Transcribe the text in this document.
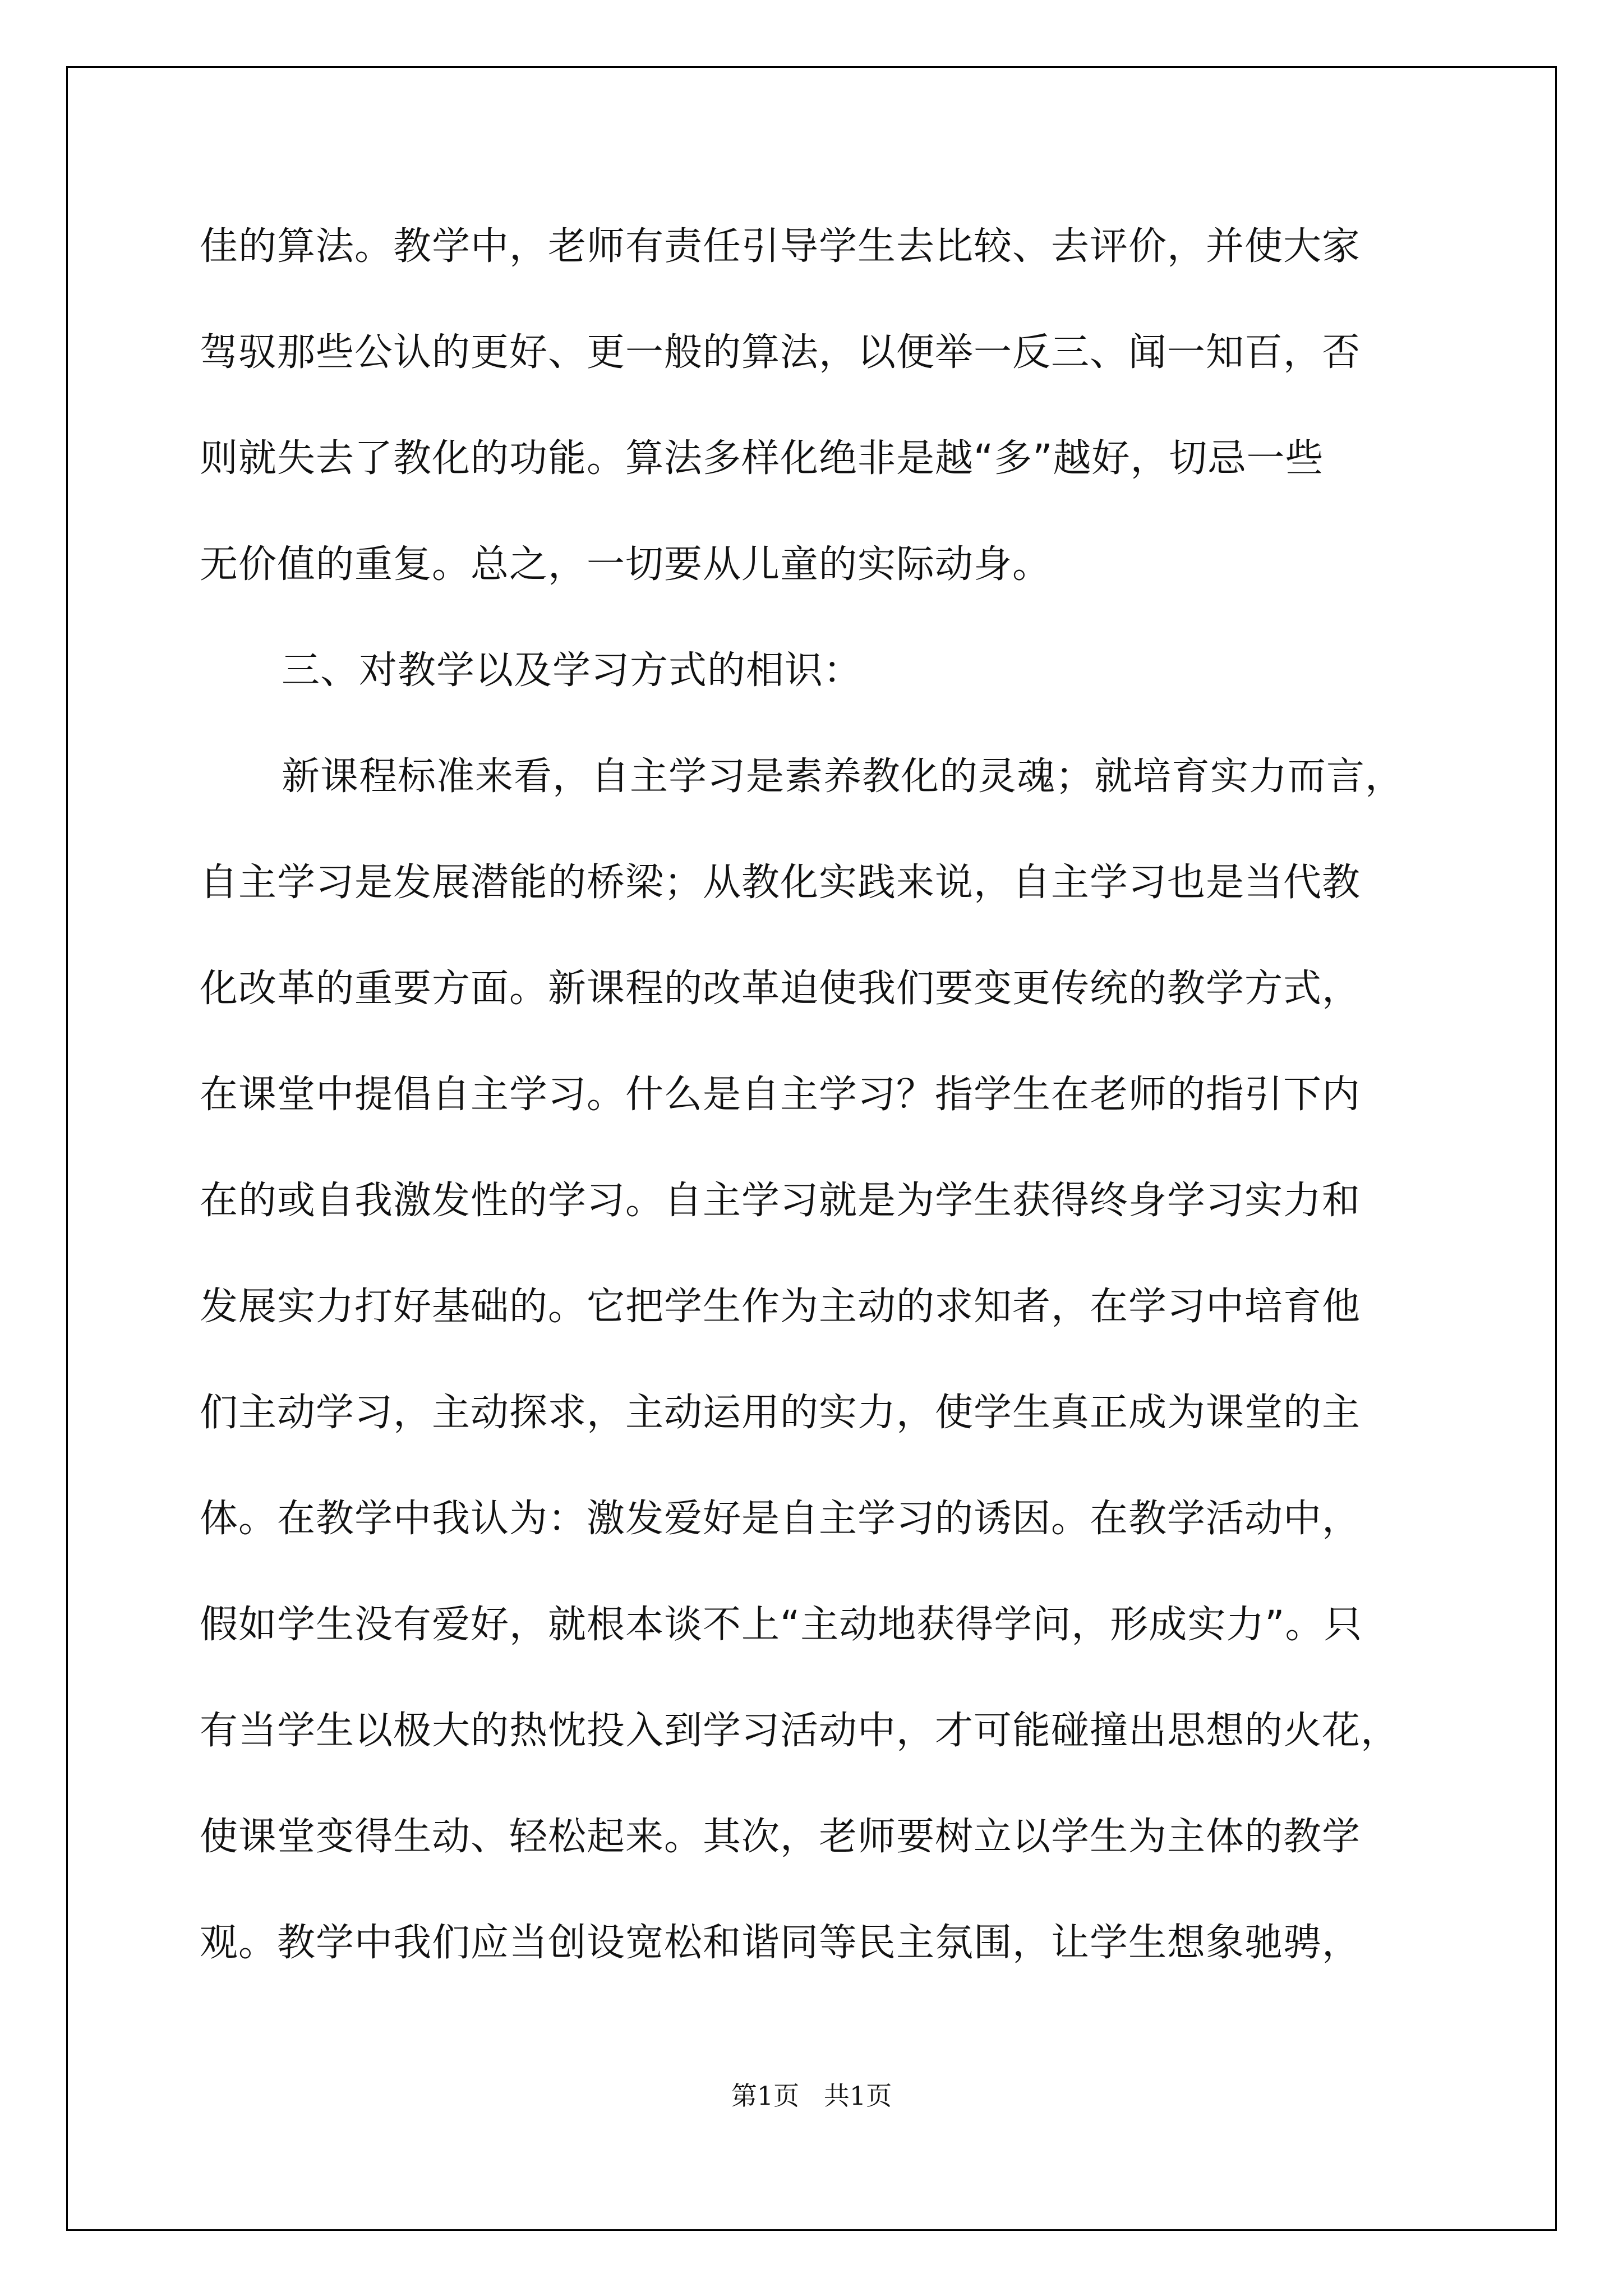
佳的算法。教学中，老师有责任引导学生去比较、去评价，并使大家
驾驭那些公认的更好、更一般的算法，以便举一反三、闻一知百，否
则就失去了教化的功能。算法多样化绝非是越“多”越好，切忌一些
无价值的重复。总之，一切要从儿童的实际动身。
三、对教学以及学习方式的相识：
新课程标准来看，自主学习是素养教化的灵魂；就培育实力而言，
自主学习是发展潜能的桥梁；从教化实践来说，自主学习也是当代教
化改革的重要方面。新课程的改革迫使我们要变更传统的教学方式，
在课堂中提倡自主学习。什么是自主学习？指学生在老师的指引下内
在的或自我激发性的学习。自主学习就是为学生获得终身学习实力和
发展实力打好基础的。它把学生作为主动的求知者，在学习中培育他
们主动学习，主动探求，主动运用的实力，使学生真正成为课堂的主
体。在教学中我认为：激发爱好是自主学习的诱因。在教学活动中，
假如学生没有爱好，就根本谈不上“主动地获得学问，形成实力”。只
有当学生以极大的热忱投入到学习活动中，才可能碰撞出思想的火花，
使课堂变得生动、轻松起来。其次，老师要树立以学生为主体的教学
观。教学中我们应当创设宽松和谐同等民主氛围，让学生想象驰骋，
第1页   共1页
